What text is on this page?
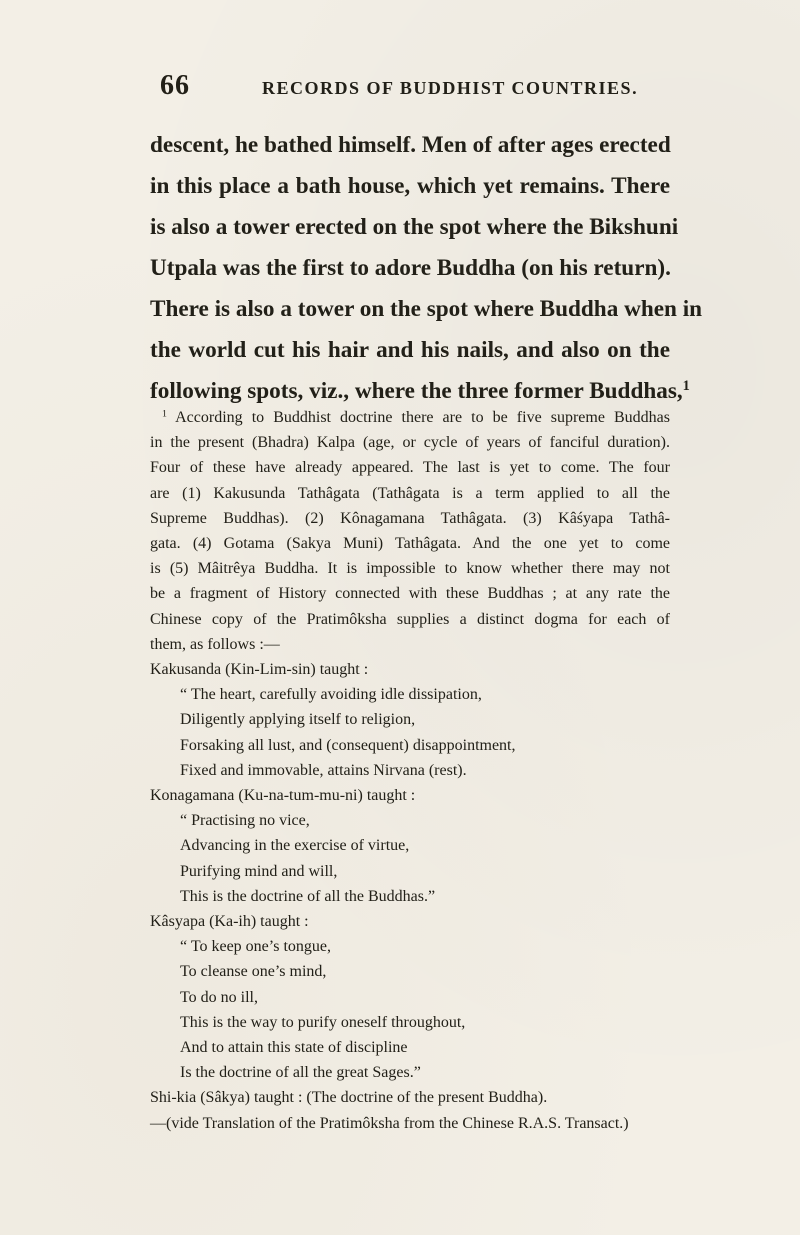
66	RECORDS OF BUDDHIST COUNTRIES.
descent, he bathed himself. Men of after ages erected
in this place a bath house, which yet remains. There
is also a tower erected on the spot where the Bikshuni
Utpala was the first to adore Buddha (on his return).
There is also a tower on the spot where Buddha when in
the world cut his hair and his nails, and also on the
following spots, viz., where the three former Buddhas,$^1$
$^1$ According to Buddhist doctrine there are to be five supreme Buddhas
in the present (Bhadra) Kalpa (age, or cycle of years of fanciful duration).
Four of these have already appeared. The last is yet to come. The four
are (1) Kakusunda Tathâgata (Tathâgata is a term applied to all the
Supreme Buddhas). (2) Kônagamana Tathâgata. (3) Kâśyapa Tathâ-
gata. (4) Gotama (Sakya Muni) Tathâgata. And the one yet to come
is (5) Mâitrêya Buddha. It is impossible to know whether there may not
be a fragment of History connected with these Buddhas ; at any rate the
Chinese copy of the Pratimôksha supplies a distinct dogma for each of
them, as follows :—
Kakusanda (Kin-Lim-sin) taught :
“ The heart, carefully avoiding idle dissipation,
Diligently applying itself to religion,
Forsaking all lust, and (consequent) disappointment,
Fixed and immovable, attains Nirvana (rest).
Konagamana (Ku-na-tum-mu-ni) taught :
“ Practising no vice,
Advancing in the exercise of virtue,
Purifying mind and will,
This is the doctrine of all the Buddhas.”
Kâsyapa (Ka-ih) taught :
“ To keep one’s tongue,
To cleanse one’s mind,
To do no ill,
This is the way to purify oneself throughout,
And to attain this state of discipline
Is the doctrine of all the great Sages.”
Shi-kia (Sâkya) taught : (The doctrine of the present Buddha).
—(vide Translation of the Pratimôksha from the Chinese R.A.S. Transact.)
